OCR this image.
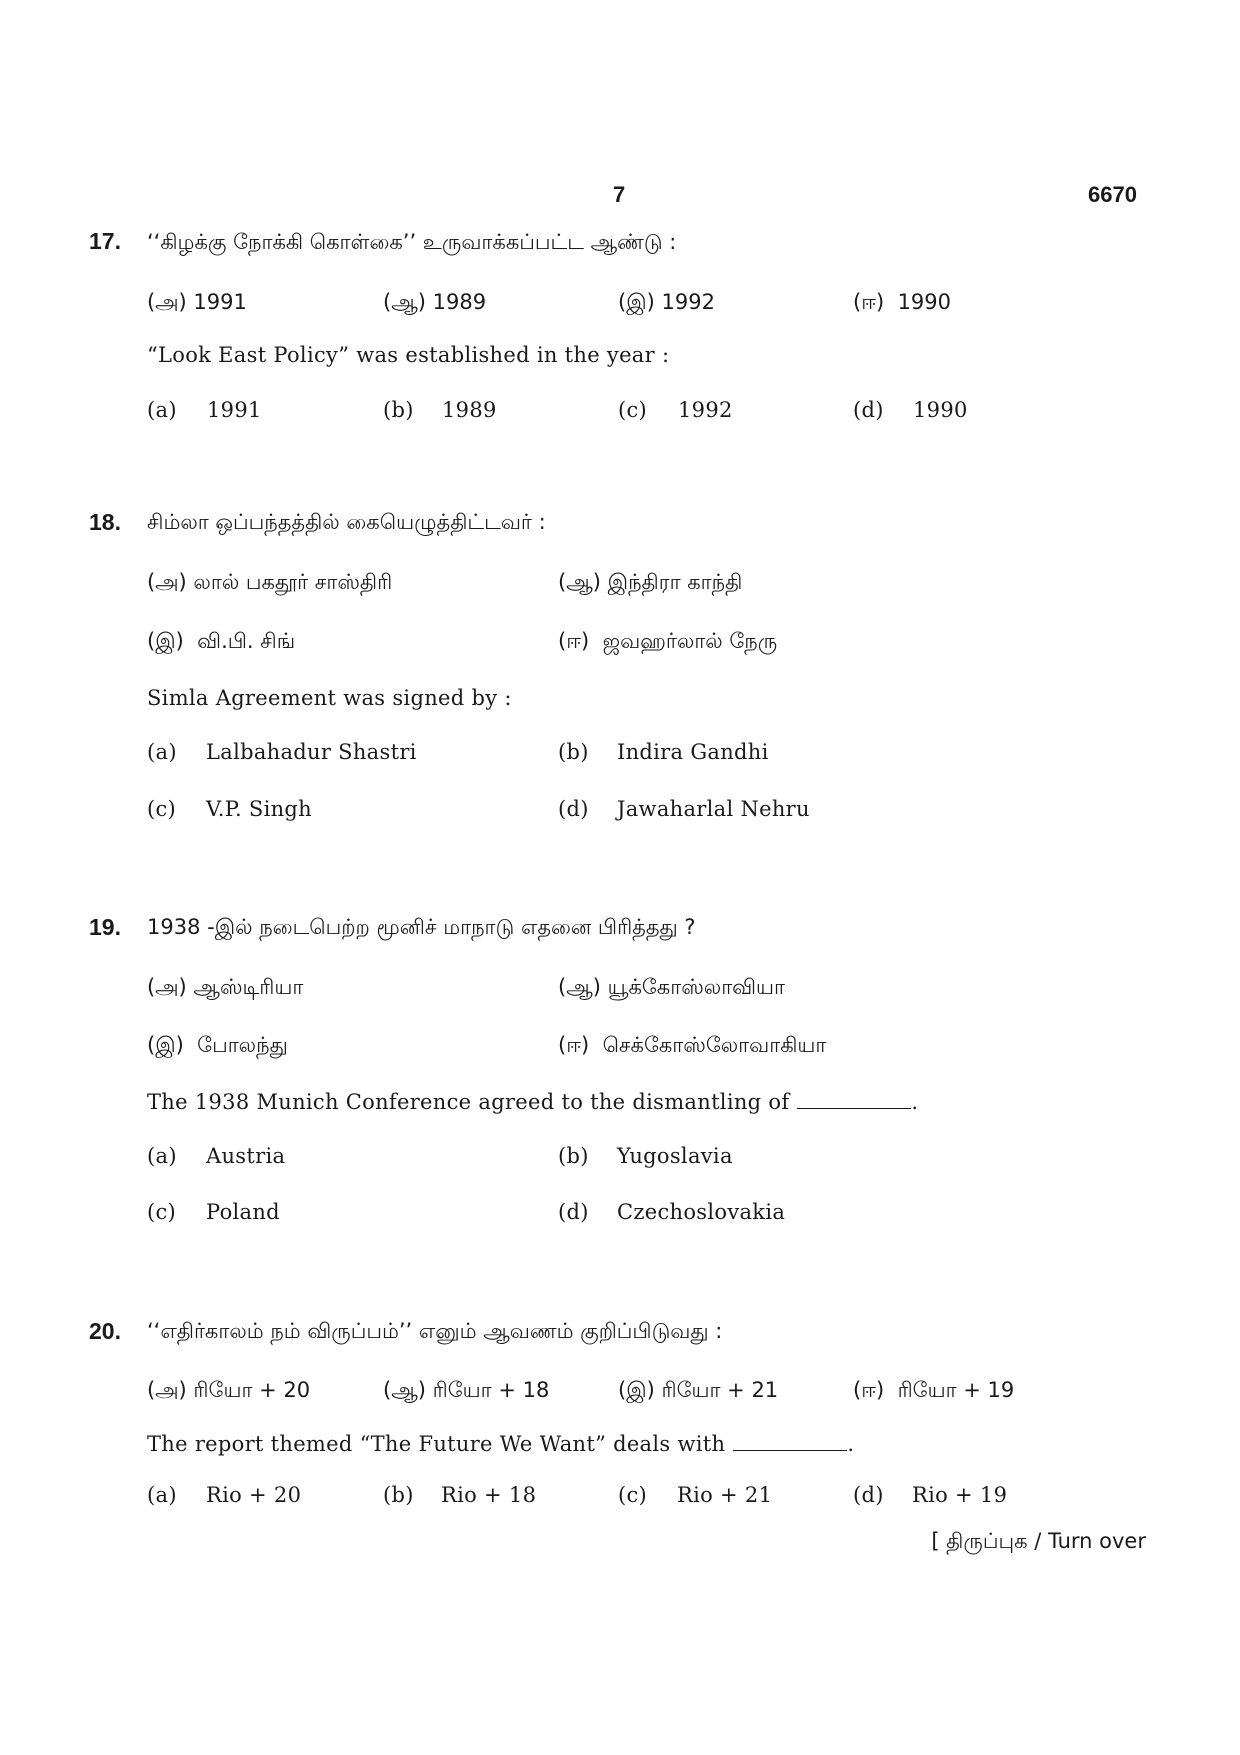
7	6670
17. ‘‘கிழக்கு நோக்கி கொள்கை’’ உருவாக்கப்பட்ட ஆண்டு :
(அ) 1991	(ஆ) 1989	(இ) 1992	(ஈ) 1990
“Look East Policy” was established in the year :
(a) 1991	(b) 1989	(c) 1992	(d) 1990
18. சிம்லா ஒப்பந்தத்தில் கையெழுத்திட்டவர் :
(அ) லால் பகதூர் சாஸ்திரி	(ஆ) இந்திரா காந்தி
(இ) வி.பி. சிங்	(ஈ) ஜவஹர்லால் நேரு
Simla Agreement was signed by :
(a) Lalbahadur Shastri	(b) Indira Gandhi
(c) V.P. Singh	(d) Jawaharlal Nehru
19. 1938 -இல் நடைபெற்ற மூனிச் மாநாடு எதனை பிரித்தது ?
(அ) ஆஸ்டிரியா	(ஆ) யூக்கோஸ்லாவியா
(இ) போலந்து	(ஈ) செக்கோஸ்லோவாகியா
The 1938 Munich Conference agreed to the dismantling of	.
(a) Austria	(b) Yugoslavia
(c) Poland	(d) Czechoslovakia
20. ‘‘எதிர்காலம் நம் விருப்பம்’’ எனும் ஆவணம் குறிப்பிடுவது :
(அ) ரியோ + 20	(ஆ) ரியோ + 18	(இ) ரியோ + 21	(ஈ) ரியோ + 19
The report themed “The Future We Want” deals with	.
(a) Rio + 20	(b) Rio + 18	(c) Rio + 21	(d) Rio + 19
[ திருப்புக / Turn over
